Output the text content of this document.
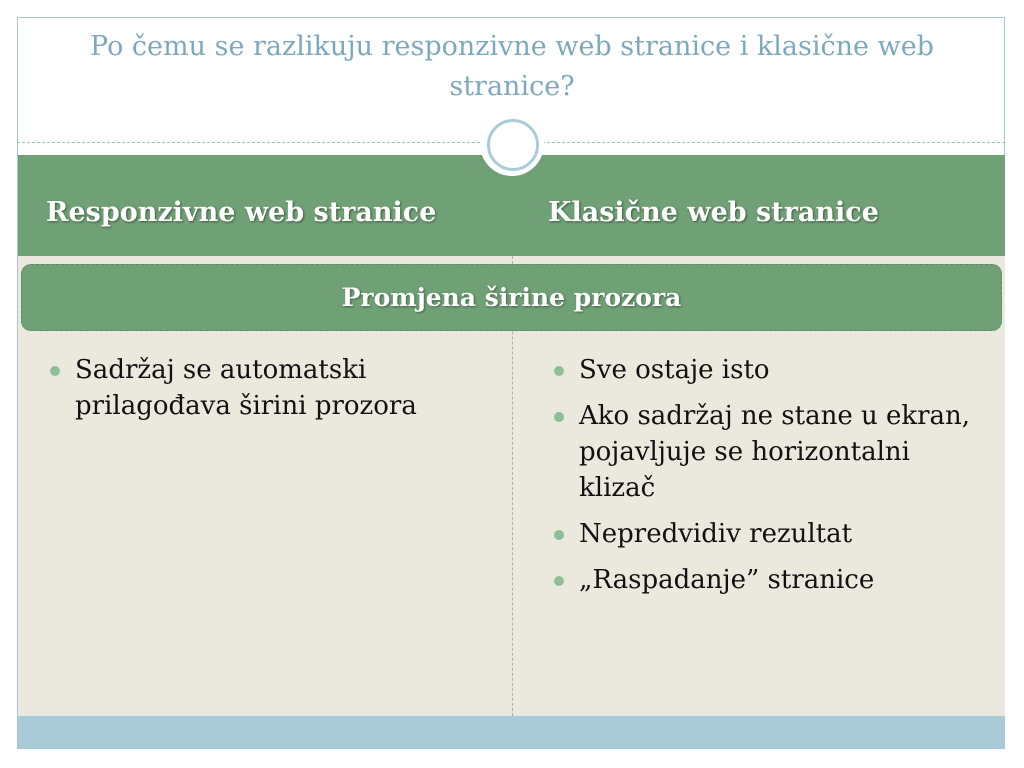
Po čemu se razlikuju responzivne web stranice i klasične web stranice?
Responzivne web stranice	Klasične web stranice
Promjena širine prozora
Sadržaj se automatski prilagođava širini prozora
Sve ostaje isto
Ako sadržaj ne stane u ekran, pojavljuje se horizontalni klizač
Nepredvidiv rezultat
„Raspadanje” stranice
